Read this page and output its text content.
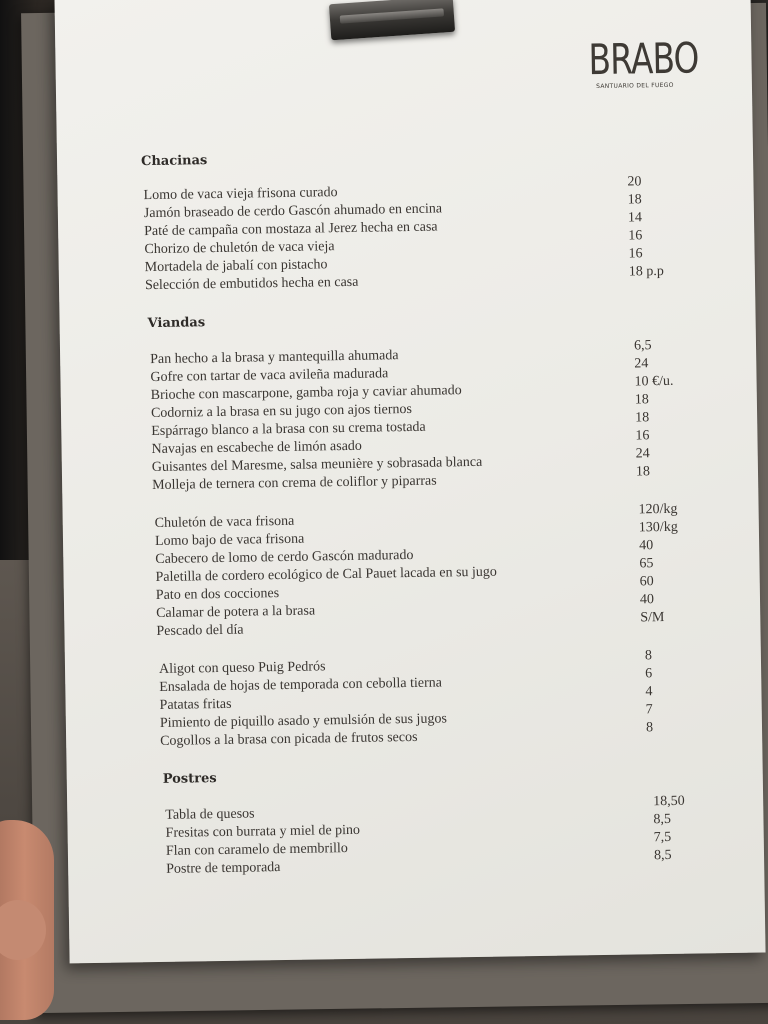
BRABO
SANTUARIO DEL FUEGO
Chacinas
Lomo de vaca vieja frisona curado
20
Jamón braseado de cerdo Gascón ahumado en encina
18
Paté de campaña con mostaza al Jerez hecha en casa
14
Chorizo de chuletón de vaca vieja
16
Mortadela de jabalí con pistacho
16
Selección de embutidos hecha en casa
18 p.p
Viandas
Pan hecho a la brasa y mantequilla ahumada
6,5
Gofre con tartar de vaca avileña madurada
24
Brioche con mascarpone, gamba roja y caviar ahumado
10 €/u.
Codorniz a la brasa en su jugo con ajos tiernos
18
Espárrago blanco a la brasa con su crema tostada
18
Navajas en escabeche de limón asado
16
Guisantes del Maresme, salsa meunière y sobrasada blanca
24
Molleja de ternera con crema de coliflor y piparras
18
Chuletón de vaca frisona
120/kg
Lomo bajo de vaca frisona
130/kg
Cabecero de lomo de cerdo Gascón madurado
40
Paletilla de cordero ecológico de Cal Pauet lacada en su jugo
65
Pato en dos cocciones
60
Calamar de potera a la brasa
40
Pescado del día
S/M
Aligot con queso Puig Pedrós
8
Ensalada de hojas de temporada con cebolla tierna
6
Patatas fritas
4
Pimiento de piquillo asado y emulsión de sus jugos
7
Cogollos a la brasa con picada de frutos secos
8
Postres
Tabla de quesos
18,50
Fresitas con burrata y miel de pino
8,5
Flan con caramelo de membrillo
7,5
Postre de temporada
8,5
